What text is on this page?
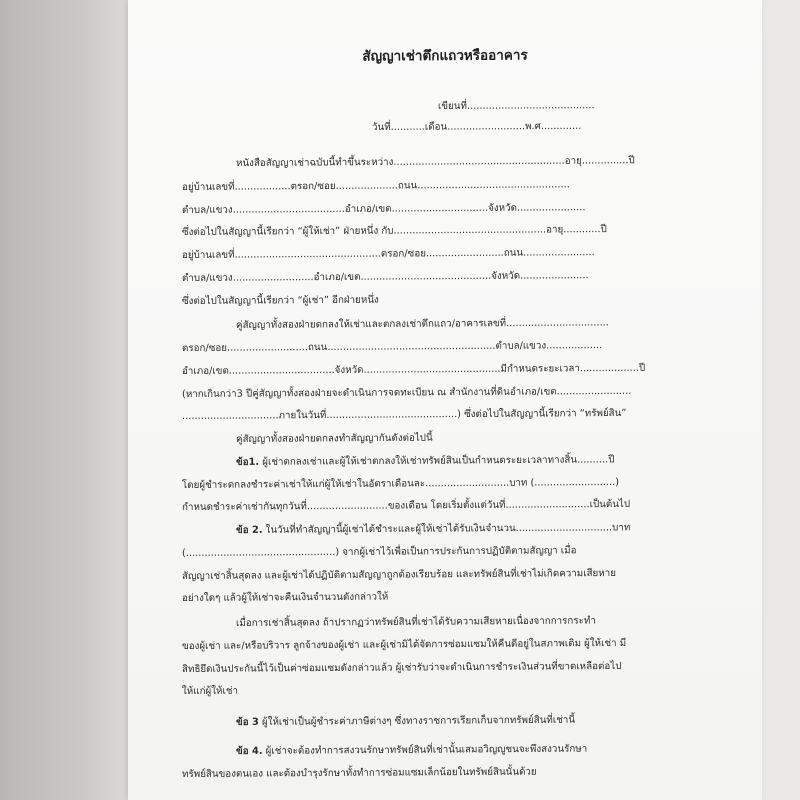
สัญญาเช่าตึกแถวหรืออาคาร
เขียนที่.........................................
วันที่...........เดือน.........................พ.ศ.............
หนังสือสัญญาเช่าฉบับนี้ทำขึ้นระหว่าง.......................................................อายุ...............ปี
อยู่บ้านเลขที่..................ตรอก/ซอย....................ถนน.................................................
ตำบล/แขวง....................................อำเภอ/เขต...............................จังหวัด......................
ซึ่งต่อไปในสัญญานี้เรียกว่า “ผู้ให้เช่า” ฝ่ายหนึ่ง กับ.................................................อายุ............ปี
อยู่บ้านเลขที่...............................................ตรอก/ซอย.........................ถนน.......................
ตำบล/แขวง..........................อำเภอ/เขต..........................................จังหวัด......................
ซึ่งต่อไปในสัญญานี้เรียกว่า “ผู้เช่า” อีกฝ่ายหนึ่ง
คู่สัญญาทั้งสองฝ่ายตกลงให้เช่าและตกลงเช่าตึกแถว/อาคารเลขที่.................................
ตรอก/ซอย..........................ถนน......................................................ตำบล/แขวง..................
อำเภอ/เขต..................................จังหวัด............................................มีกำหนดระยะเวลา...................ปี
(หากเกินกว่า3 ปีคู่สัญญาทั้งสองฝ่ายจะดำเนินการจดทะเบียน ณ สำนักงานที่ดินอำเภอ/เขต........................
...............................ภายในวันที่..........................................) ซึ่งต่อไปในสัญญานี้เรียกว่า “ทรัพย์สิน”
คู่สัญญาทั้งสองฝ่ายตกลงทำสัญญากันดังต่อไปนี้
ข้อ1. ผู้เช่าตกลงเช่าและผู้ให้เช่าตกลงให้เช่าทรัพย์สินเป็นกำหนดระยะเวลาทางสิ้น..........ปี
โดยผู้ชำระตกลงชำระค่าเช่าให้แก่ผู้ให้เช่าในอัตราเดือนละ...........................บาท (..........................)
กำหนดชำระค่าเช่ากันทุกวันที่..........................ของเดือน โดยเริ่มตั้งแต่วันที่...........................เป็นต้นไป
ข้อ 2. ในวันที่ทำสัญญานี้ผู้เช่าได้ชำระและผู้ให้เช่าได้รับเงินจำนวน...............................บาท
(................................................) จากผู้เช่าไว้เพื่อเป็นการประกันการปฏิบัติตามสัญญา เมื่อ
สัญญาเช่าสิ้นสุดลง และผู้เช่าได้ปฏิบัติตามสัญญาถูกต้องเรียบร้อย และทรัพย์สินที่เช่าไม่เกิดความเสียหาย
อย่างใดๆ แล้วผู้ให้เช่าจะคืนเงินจำนวนดังกล่าวให้
เมื่อการเช่าสิ้นสุดลง ถ้าปรากฏว่าทรัพย์สินที่เช่าได้รับความเสียหายเนื่องจากการกระทำ
ของผู้เช่า และ/หรือบริวาร ลูกจ้างของผู้เช่า และผู้เช่ามิได้จัดการซ่อมแซมให้คืนดีอยู่ในสภาพเดิม ผู้ให้เช่า มี
สิทธิยึดเงินประกันนี้ไว้เป็นค่าซ่อมแซมดังกล่าวแล้ว ผู้เช่ารับว่าจะดำเนินการชำระเงินส่วนที่ขาดเหลือต่อไป
ให้แก่ผู้ให้เช่า
ข้อ 3 ผู้ให้เช่าเป็นผู้ชำระค่าภาษีต่างๆ ซึ่งทางราชการเรียกเก็บจากทรัพย์สินที่เช่านี้
ข้อ 4. ผู้เช่าจะต้องทำการสงวนรักษาทรัพย์สินที่เช่านั้นเสมอวิญญูชนจะพึงสงวนรักษา
ทรัพย์สินของตนเอง และต้องบำรุงรักษาทั้งทำการซ่อมแซมเล็กน้อยในทรัพย์สินนั้นด้วย
